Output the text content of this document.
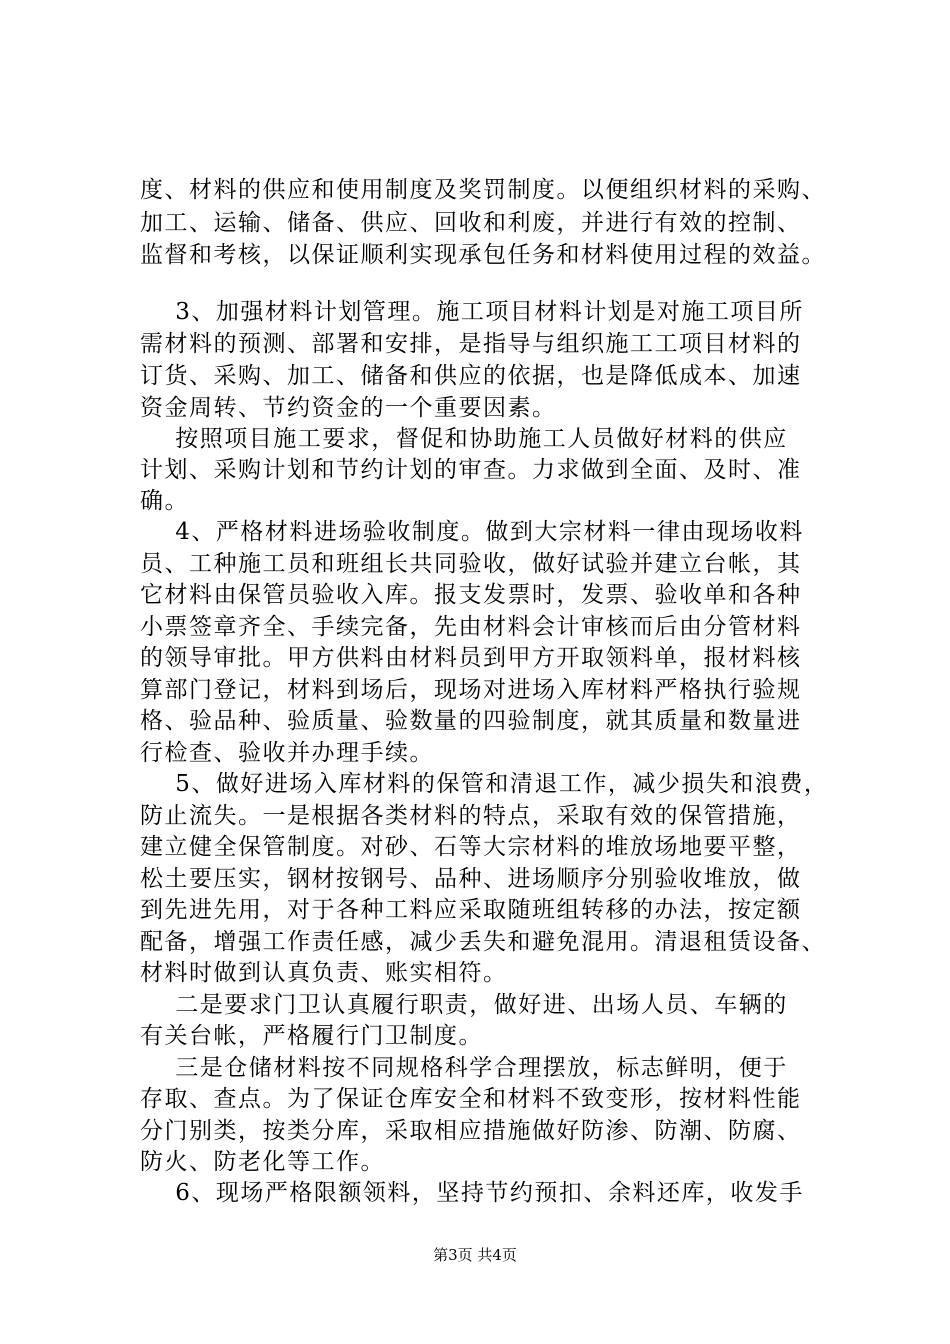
度、材料的供应和使用制度及奖罚制度。以便组织材料的采购、
加工、运输、储备、供应、回收和利废，并进行有效的控制、
监督和考核，以保证顺利实现承包任务和材料使用过程的效益。
3、加强材料计划管理。施工项目材料计划是对施工项目所
需材料的预测、部署和安排，是指导与组织施工工项目材料的
订货、采购、加工、储备和供应的依据，也是降低成本、加速
资金周转、节约资金的一个重要因素。
按照项目施工要求，督促和协助施工人员做好材料的供应
计划、采购计划和节约计划的审查。力求做到全面、及时、准
确。
4、严格材料进场验收制度。做到大宗材料一律由现场收料
员、工种施工员和班组长共同验收，做好试验并建立台帐，其
它材料由保管员验收入库。报支发票时，发票、验收单和各种
小票签章齐全、手续完备，先由材料会计审核而后由分管材料
的领导审批。甲方供料由材料员到甲方开取领料单，报材料核
算部门登记，材料到场后，现场对进场入库材料严格执行验规
格、验品种、验质量、验数量的四验制度，就其质量和数量进
行检查、验收并办理手续。
5、做好进场入库材料的保管和清退工作，减少损失和浪费，
防止流失。一是根据各类材料的特点，采取有效的保管措施，
建立健全保管制度。对砂、石等大宗材料的堆放场地要平整，
松土要压实，钢材按钢号、品种、进场顺序分别验收堆放，做
到先进先用，对于各种工料应采取随班组转移的办法，按定额
配备，增强工作责任感，减少丢失和避免混用。清退租赁设备、
材料时做到认真负责、账实相符。
二是要求门卫认真履行职责，做好进、出场人员、车辆的
有关台帐，严格履行门卫制度。
三是仓储材料按不同规格科学合理摆放，标志鲜明，便于
存取、查点。为了保证仓库安全和材料不致变形，按材料性能
分门别类，按类分库，采取相应措施做好防渗、防潮、防腐、
防火、防老化等工作。
6、现场严格限额领料，坚持节约预扣、余料还库，收发手
第3页 共4页
